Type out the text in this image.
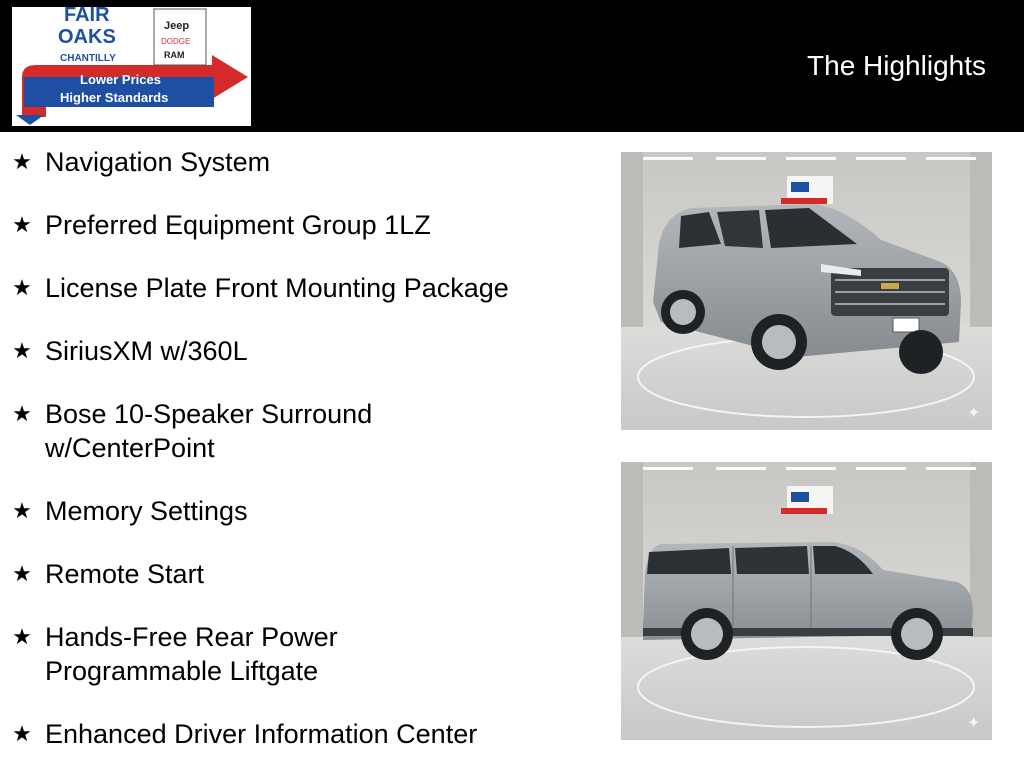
FAIR
OAKS
CHANTILLY
Jeep
DODGE
RAM
Lower Prices
Higher Standards
The Highlights
★ Navigation System
★ Preferred Equipment Group 1LZ
★ License Plate Front Mounting Package
★ SiriusXM w/360L
★ Bose 10-Speaker Surround w/CenterPoint
★ Memory Settings
★ Remote Start
★ Hands-Free Rear Power Programmable Liftgate
★ Enhanced Driver Information Center
✦
✦
